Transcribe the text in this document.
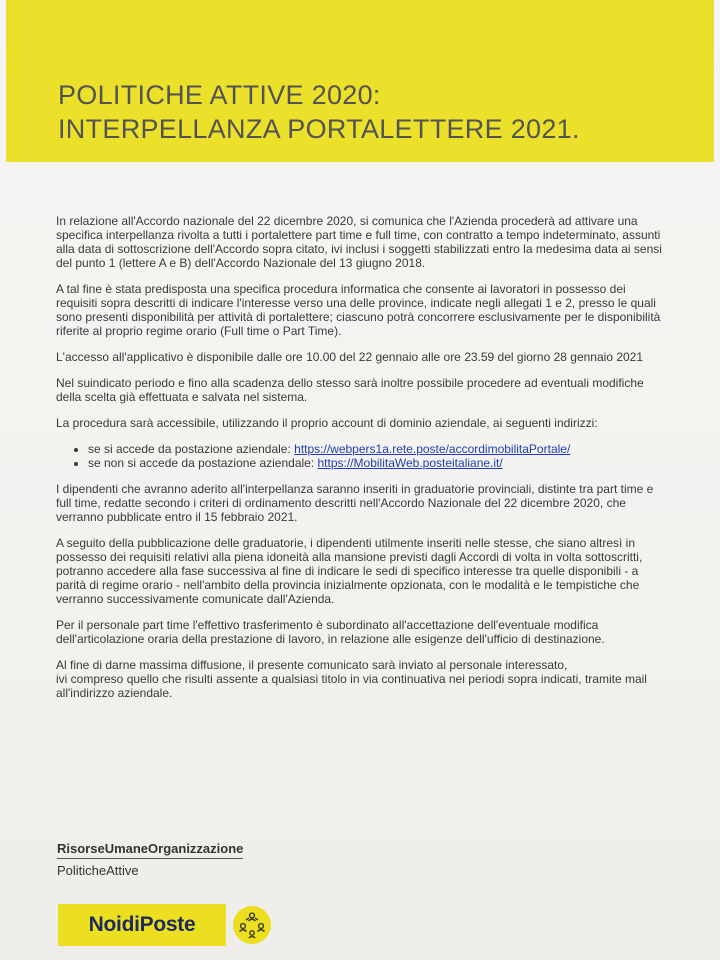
POLITICHE ATTIVE 2020:
INTERPELLANZA PORTALETTERE 2021.

In relazione all'Accordo nazionale del 22 dicembre 2020, si comunica che l'Azienda procederà ad attivare una
specifica interpellanza rivolta a tutti i portalettere part time e full time, con contratto a tempo indeterminato, assunti
alla data di sottoscrizione dell'Accordo sopra citato, ivi inclusi i soggetti stabilizzati entro la medesima data ai sensi
del punto 1 (lettere A e B) dell'Accordo Nazionale del 13 giugno 2018.

A tal fine è stata predisposta una specifica procedura informatica che consente ai lavoratori in possesso dei
requisiti sopra descritti di indicare l'interesse verso una delle province, indicate negli allegati 1 e 2, presso le quali
sono presenti disponibilità per attività di portalettere; ciascuno potrà concorrere esclusivamente per le disponibilità
riferite al proprio regime orario (Full time o Part Time).

L'accesso all'applicativo è disponibile dalle ore 10.00 del 22 gennaio alle ore 23.59 del giorno 28 gennaio 2021

Nel suindicato periodo e fino alla scadenza dello stesso sarà inoltre possibile procedere ad eventuali modifiche
della scelta già effettuata e salvata nel sistema.

La procedura sarà accessibile, utilizzando il proprio account di dominio aziendale, ai seguenti indirizzi:

• se si accede da postazione aziendale: https://webpers1a.rete.poste/accordimobilitaPortale/
• se non si accede da postazione aziendale: https://MobilitaWeb.posteitaliane.it/

I dipendenti che avranno aderito all'interpellanza saranno inseriti in graduatorie provinciali, distinte tra part time e
full time, redatte secondo i criteri di ordinamento descritti nell'Accordo Nazionale del 22 dicembre 2020, che
verranno pubblicate entro il 15 febbraio 2021.

A seguito della pubblicazione delle graduatorie, i dipendenti utilmente inseriti nelle stesse, che siano altresì in
possesso dei requisiti relativi alla piena idoneità alla mansione previsti dagli Accordi di volta in volta sottoscritti,
potranno accedere alla fase successiva al fine di indicare le sedi di specifico interesse tra quelle disponibili - a
parità di regime orario - nell'ambito della provincia inizialmente opzionata, con le modalità e le tempistiche che
verranno successivamente comunicate dall'Azienda.

Per il personale part time l'effettivo trasferimento è subordinato all'accettazione dell'eventuale modifica
dell'articolazione oraria della prestazione di lavoro, in relazione alle esigenze dell'ufficio di destinazione.

Al fine di darne massima diffusione, il presente comunicato sarà inviato al personale interessato,
ivi compreso quello che risulti assente a qualsiasi titolo in via continuativa nei periodi sopra indicati, tramite mail
all'indirizzo aziendale.

RisorseUmaneOrganizzazione
PoliticheAttive
NoidiPoste
